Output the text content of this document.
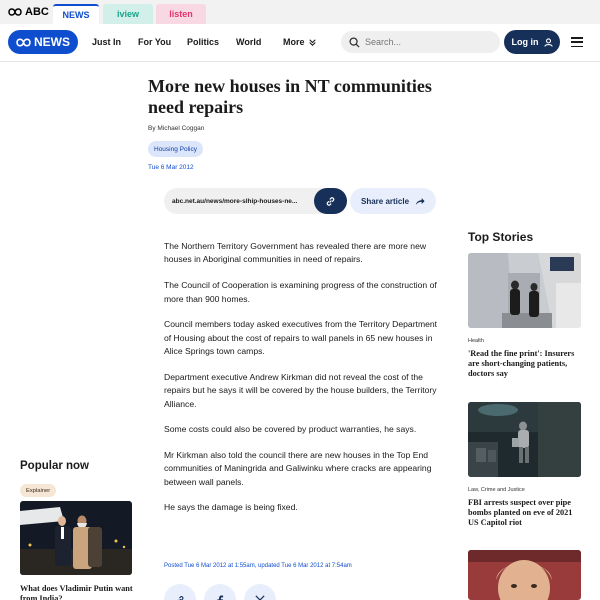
ABC NEWS	iview	listen
NEWS Just In For You Politics World More
Search...	Log in
More new houses in NT communities need repairs
By Michael Coggan
Housing Policy
Tue 6 Mar 2012
abc.net.au/news/more-slhip-houses-ne...	Share article

The Northern Territory Government has revealed there are more new houses in Aboriginal communities in need of repairs.

The Council of Cooperation is examining progress of the construction of more than 900 homes.

Council members today asked executives from the Territory Department of Housing about the cost of repairs to wall panels in 65 new houses in Alice Springs town camps.

Department executive Andrew Kirkman did not reveal the cost of the repairs but he says it will be covered by the house builders, the Territory Alliance.

Some costs could also be covered by product warranties, he says.

Mr Kirkman also told the council there are new houses in the Top End communities of Maningrida and Galiwinku where cracks are appearing between wall panels.

He says the damage is being fixed.

Posted Tue 6 Mar 2012 at 1:55am, updated Tue 6 Mar 2012 at 7:54am
Top Stories
Health
'Read the fine print': Insurers are short-changing patients, doctors say
Law, Crime and Justice
FBI arrests suspect over pipe bombs planted on eve of 2021 US Capitol riot
Popular now
Explainer
What does Vladimir Putin want from India?
